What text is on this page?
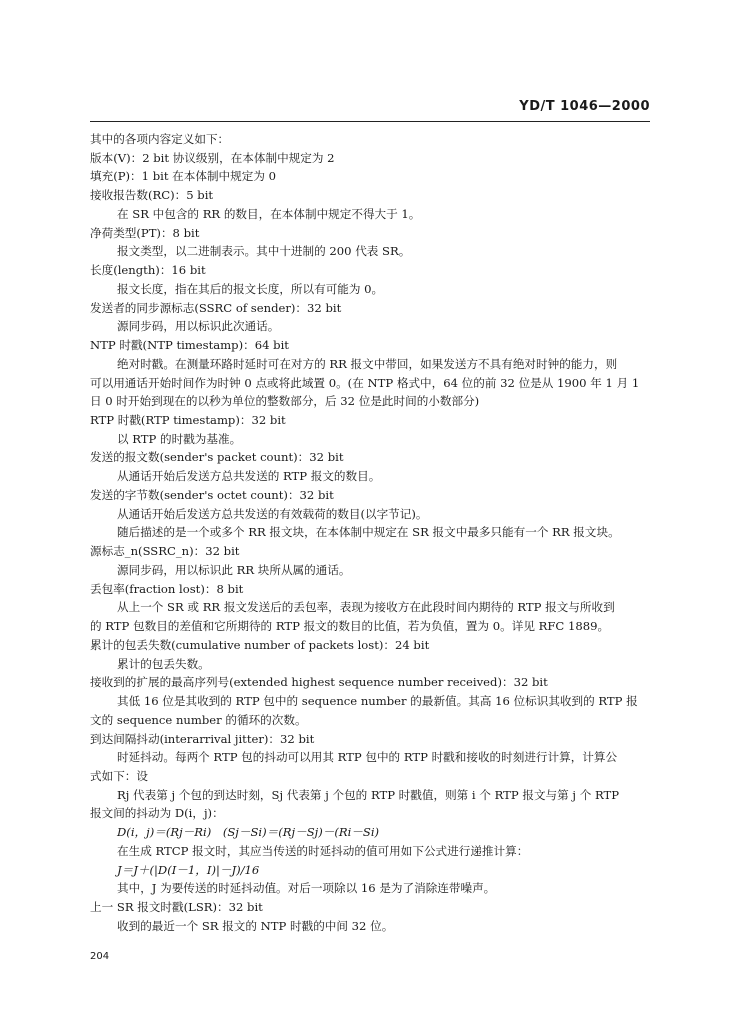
YD/T 1046—2000
其中的各项内容定义如下：
版本(V)：2 bit 协议级别，在本体制中规定为 2
填充(P)：1 bit 在本体制中规定为 0
接收报告数(RC)：5 bit
在 SR 中包含的 RR 的数目，在本体制中规定不得大于 1。
净荷类型(PT)：8 bit
报文类型，以二进制表示。其中十进制的 200 代表 SR。
长度(length)：16 bit
报文长度，指在其后的报文长度，所以有可能为 0。
发送者的同步源标志(SSRC of sender)：32 bit
源同步码，用以标识此次通话。
NTP 时戳(NTP timestamp)：64 bit
绝对时戳。在测量环路时延时可在对方的 RR 报文中带回，如果发送方不具有绝对时钟的能力，则
可以用通话开始时间作为时钟 0 点或将此域置 0。(在 NTP 格式中，64 位的前 32 位是从 1900 年 1 月 1
日 0 时开始到现在的以秒为单位的整数部分，后 32 位是此时间的小数部分)
RTP 时戳(RTP timestamp)：32 bit
以 RTP 的时戳为基准。
发送的报文数(sender's packet count)：32 bit
从通话开始后发送方总共发送的 RTP 报文的数目。
发送的字节数(sender's octet count)：32 bit
从通话开始后发送方总共发送的有效载荷的数目(以字节记)。
随后描述的是一个或多个 RR 报文块，在本体制中规定在 SR 报文中最多只能有一个 RR 报文块。
源标志_n(SSRC_n)：32 bit
源同步码，用以标识此 RR 块所从属的通话。
丢包率(fraction lost)：8 bit
从上一个 SR 或 RR 报文发送后的丢包率，表现为接收方在此段时间内期待的 RTP 报文与所收到
的 RTP 包数目的差值和它所期待的 RTP 报文的数目的比值，若为负值，置为 0。详见 RFC 1889。
累计的包丢失数(cumulative number of packets lost)：24 bit
累计的包丢失数。
接收到的扩展的最高序列号(extended highest sequence number received)：32 bit
其低 16 位是其收到的 RTP 包中的 sequence number 的最新值。其高 16 位标识其收到的 RTP 报
文的 sequence number 的循环的次数。
到达间隔抖动(interarrival jitter)：32 bit
时延抖动。每两个 RTP 包的抖动可以用其 RTP 包中的 RTP 时戳和接收的时刻进行计算，计算公
式如下：设
Rj 代表第 j 个包的到达时刻，Sj 代表第 j 个包的 RTP 时戳值，则第 i 个 RTP 报文与第 j 个 RTP
报文间的抖动为 D(i，j)：
D(i，j)＝(Rj－Ri)　(Sj－Si)＝(Rj－Sj)－(Ri－Si)
在生成 RTCP 报文时，其应当传送的时延抖动的值可用如下公式进行递推计算：
J＝J＋(|D(I－1，I)|－J)/16
其中，J 为要传送的时延抖动值。对后一项除以 16 是为了消除连带噪声。
上一 SR 报文时戳(LSR)：32 bit
收到的最近一个 SR 报文的 NTP 时戳的中间 32 位。
204
